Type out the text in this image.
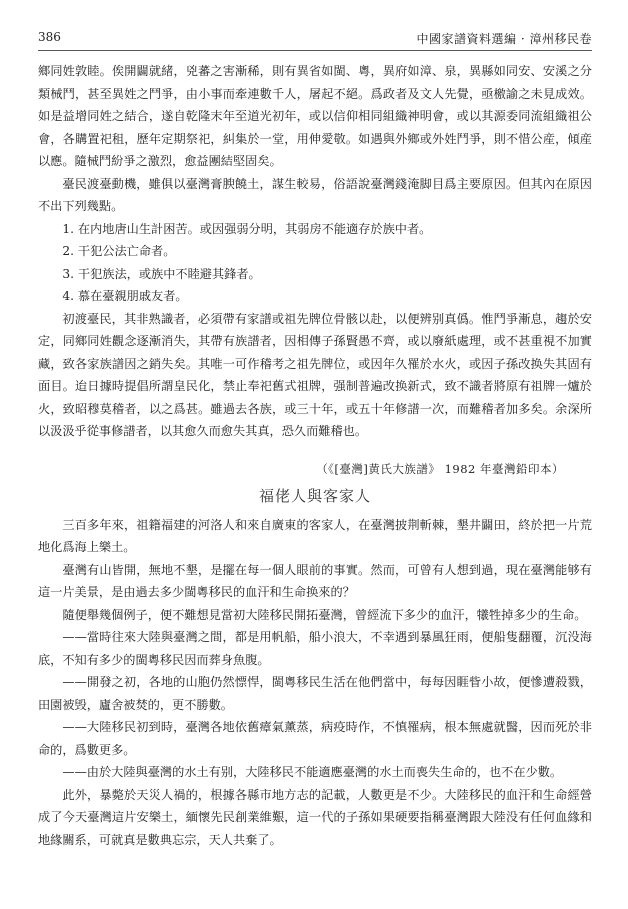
386	中國家譜資料選編 · 漳州移民卷

鄉同姓敦睦。俟開闢就緒，兇蕃之害漸稀，則有異省如閩、粵，異府如漳、泉，異縣如同安、安溪之分類械鬥，甚至異姓之鬥爭，由小事而牽連數千人，屠起不絕。爲政者及文人先覺，亟檄諭之未見成效。如是益增同姓之結合，遂自乾隆末年至道光初年，或以信仰相同組織神明會，或以其源委同流組織祖公會，各購置祀租，歷年定期祭祀，糾集於一堂，用伸愛敬。如遇與外鄉或外姓鬥爭，則不惜公産，傾産以應。隨械鬥紛爭之激烈，愈益團結堅固矣。

臺民渡臺動機，雖俱以臺灣膏腴饒土，謀生較易，俗語說臺灣錢淹脚目爲主要原因。但其內在原因不出下列幾點。

1. 在内地唐山生計困苦。或因强弱分明，其弱房不能適存於族中者。
2. 干犯公法亡命者。
3. 干犯族法，或族中不睦避其鋒者。
4. 慕在臺親朋戚友者。

初渡臺民，其非熟識者，必須帶有家譜或祖先牌位骨骸以赴，以便辨别真僞。惟鬥爭漸息，趨於安定，同鄉同姓觀念逐漸消失，其帶有族譜者，因相傳子孫賢愚不齊，或以廢紙處理，或不甚重視不加實藏，致各家族譜因之銷失矣。其唯一可作稽考之祖先牌位，或因年久罹於水火，或因子孫改换失其固有面目。迨日據時提倡所謂皇民化，禁止奉祀舊式祖牌，强制普遍改换新式，致不識者將原有祖牌一爐於火，致昭穆莫稽者，以之爲甚。雖過去各族，或三十年，或五十年修譜一次，而難稽者加多矣。余深所以汲汲乎從事修譜者，以其愈久而愈失其真，恐久而難稽也。

（《[臺灣]黄氏大族譜》 1982 年臺灣鉛印本）
福佬人與客家人

三百多年來，祖籍福建的河洛人和來自廣東的客家人，在臺灣披荆斬棘，墾井闢田，終於把一片荒地化爲海上樂土。

臺灣有山皆開，無地不墾，是擺在每一個人眼前的事實。然而，可曾有人想到過，現在臺灣能够有這一片美景，是由過去多少閩粵移民的血汗和生命换來的？

隨便舉幾個例子，便不難想見當初大陸移民開拓臺灣，曾經流下多少的血汗，犧牲掉多少的生命。

——當時往來大陸與臺灣之間，都是用帆船，船小浪大，不幸遇到暴風狂雨，便船隻翻覆，沉没海底，不知有多少的閩粵移民因而葬身魚腹。

——開發之初，各地的山胞仍然慓悍，閩粵移民生活在他們當中，每每因睚眥小故，便慘遭殺戮，田園被毁，廬舍被焚的，更不勝數。

——大陸移民初到時，臺灣各地依舊瘴氣薰蒸，病疫時作，不慎罹病，根本無處就醫，因而死於非命的，爲數更多。

——由於大陸與臺灣的水土有别，大陸移民不能適應臺灣的水土而喪失生命的，也不在少數。

此外，暴斃於天災人禍的，根據各縣市地方志的記載，人數更是不少。大陸移民的血汗和生命經營成了今天臺灣這片安樂土，緬懷先民創業維艱，這一代的子孫如果硬要指稱臺灣跟大陸没有任何血緣和地緣關系，可就真是數典忘宗，天人共棄了。
